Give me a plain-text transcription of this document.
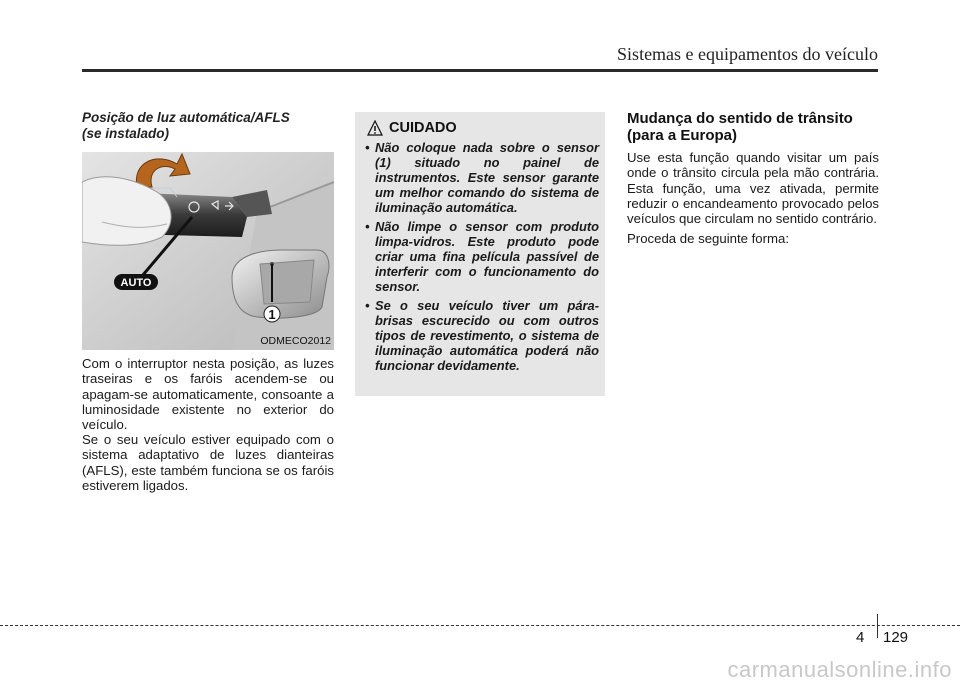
Sistemas e equipamentos do veículo
Posição de luz automática/AFLS
(se instalado)
1
AUTO
ODMECO2012

Com o interruptor nesta posição, as luzes traseiras e os faróis acendem-se ou apagam-se automaticamente, consoante a luminosidade existente no exterior do veículo.

Se o seu veículo estiver equipado com o sistema adaptativo de luzes dianteiras (AFLS), este também funciona se os faróis estiverem ligados.

CUIDADO
• Não coloque nada sobre o sensor (1) situado no painel de instrumentos. Este sensor garante um melhor comando do sistema de iluminação automática.
• Não limpe o sensor com produto limpa-vidros. Este produto pode criar uma fina película passível de interferir com o funcionamento do sensor.
• Se o seu veículo tiver um pára-brisas escurecido ou com outros tipos de revestimento, o sistema de iluminação automática poderá não funcionar devidamente.
Mudança do sentido de trânsito
(para a Europa)

Use esta função quando visitar um país onde o trânsito circula pela mão contrária. Esta função, uma vez ativada, permite reduzir o encandeamento provocado pelos veículos que circulam no sentido contrário.

Proceda de seguinte forma:

4 129
carmanualsonline.info
